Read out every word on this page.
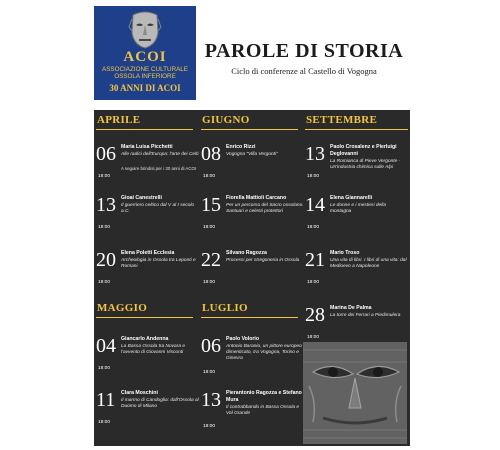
ACOI
ASSOCIAZIONE CULTURALE
OSSOLA INFERIORE
30 ANNI DI ACOI
PAROLE DI STORIA
Ciclo di conferenze al Castello di Vogogna
APRILE	GIUGNO	SETTEMBRE
MAGGIO	LUGLIO
06
18:00
Maria Luisa Picchetti
Alle radici dell'Europa: l'arte dei Celti
A seguire brindisi per i 30 anni di ACOI
13
18:00
Gioai Canestrelli
Il guerriero celtico dal V al I secolo a.C.
20
18:00
Elena Poletti Ecclesia
Archeologia in Ossola tra Leponti e Romani
08
18:00
Enrico Rizzi
Vogogna "Villa Vergonti"
15
18:00
Fiorella Mattioli Carcano
Per un percorso del Sacro ossolano. Santuari e celesti protettori
22
18:00
Silvano Ragozza
Processi per stregoneria in Ossola
13
18:00
Paolo Crosalenz e Pierluigi Deglovanni
La Romianca di Pieve Vergonte - Un'industria chimica sulle Alpi
14
18:00
Elena Giannarelli
Le donne e i mestieri della montagna
21
18:00
Mario Troso
Una vita di libri. I libri di una vita: dal Medioevo a Napoleone
28
18:00
Marina De Palma
La torre dei Ferrari a Piedimulera
04
18:00
Giancarlo Andenna
La Bassa Ossola tra Novara e l'avvento di Giovanni Visconti
11
18:00
Clara Moschini
Il marmo di Candoglia: dall'Ossola al Duomo di Milano
06
18:00
Paolo Volorio
Antonio Baranio, un pittore europeo dimenticato, tra Vogogna, Torino e Ginevra
13
18:00
Pierantonio Ragozza e Stefano Mura
Il contrabbando in Bassa Ossola e Val Grande
